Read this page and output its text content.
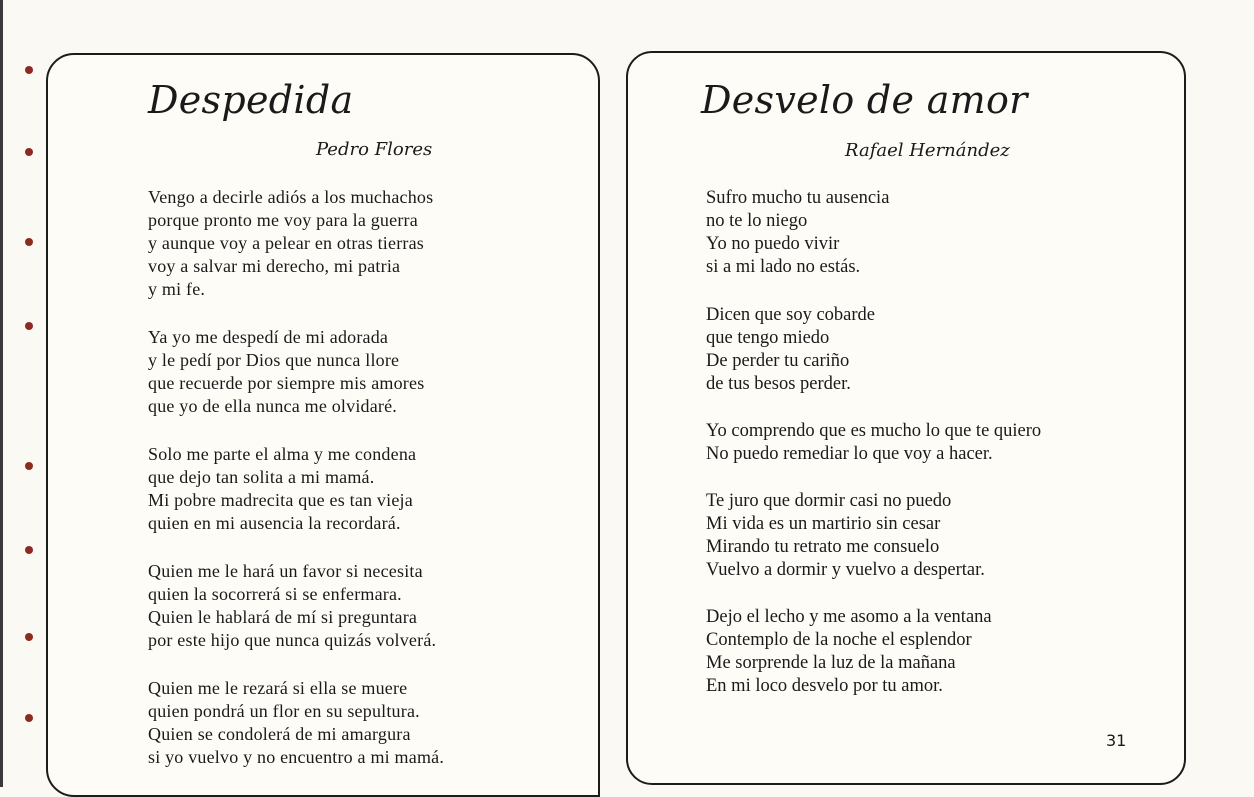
Despedida

Pedro Flores

Vengo a decirle adiós a los muchachos
porque pronto me voy para la guerra
y aunque voy a pelear en otras tierras
voy a salvar mi derecho, mi patria
y mi fe.
Ya yo me despedí de mi adorada
y le pedí por Dios que nunca llore
que recuerde por siempre mis amores
que yo de ella nunca me olvidaré.
Solo me parte el alma y me condena
que dejo tan solita a mi mamá.
Mi pobre madrecita que es tan vieja
quien en mi ausencia la recordará.
Quien me le hará un favor si necesita
quien la socorrerá si se enfermara.
Quien le hablará de mí si preguntara
por este hijo que nunca quizás volverá.
Quien me le rezará si ella se muere
quien pondrá un flor en su sepultura.
Quien se condolerá de mi amargura
si yo vuelvo y no encuentro a mi mamá.
Desvelo de amor

Rafael Hernández

Sufro mucho tu ausencia
no te lo niego
Yo no puedo vivir
si a mi lado no estás.
Dicen que soy cobarde
que tengo miedo
De perder tu cariño
de tus besos perder.
Yo comprendo que es mucho lo que te quiero
No puedo remediar lo que voy a hacer.
Te juro que dormir casi no puedo
Mi vida es un martirio sin cesar
Mirando tu retrato me consuelo
Vuelvo a dormir y vuelvo a despertar.
Dejo el lecho y me asomo a la ventana
Contemplo de la noche el esplendor
Me sorprende la luz de la mañana
En mi loco desvelo por tu amor.
31
